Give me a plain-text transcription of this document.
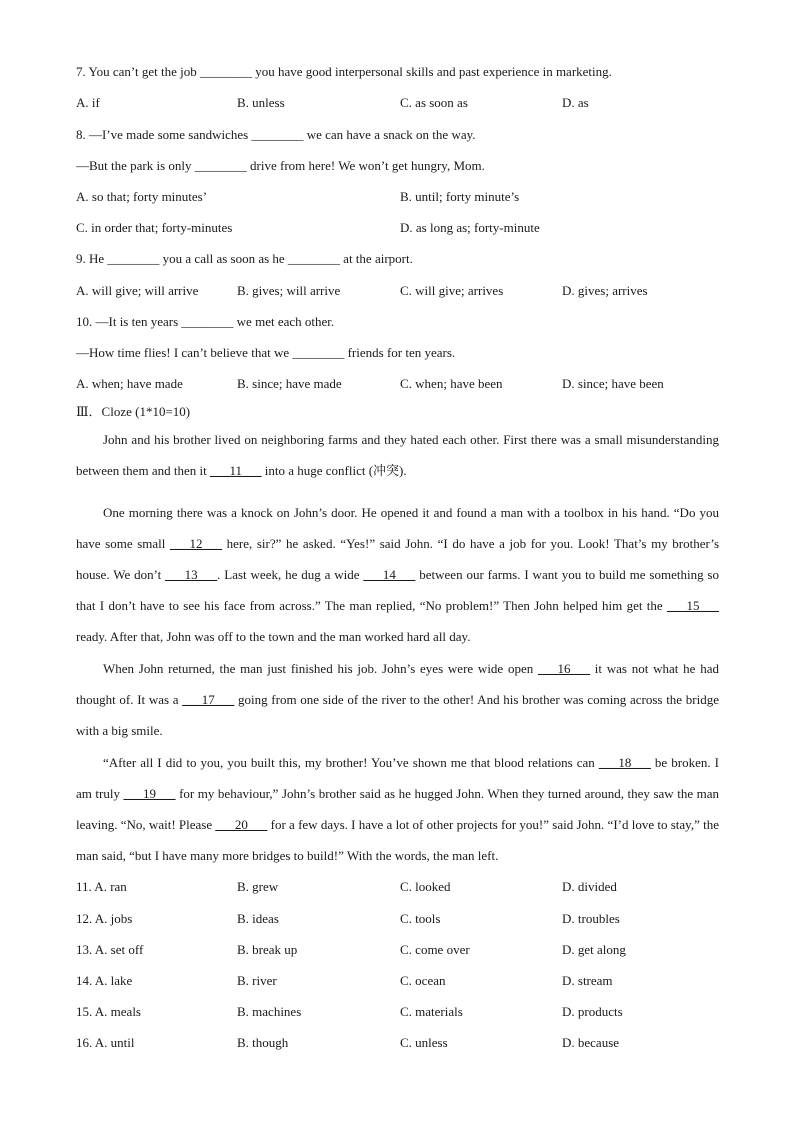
7. You can’t get the job ________ you have good interpersonal skills and past experience in marketing.
A. if	B. unless	C. as soon as	D. as
8. —I’ve made some sandwiches ________ we can have a snack on the way.
—But the park is only ________ drive from here! We won’t get hungry, Mom.
A. so that; forty minutes’	B. until; forty minute’s
C. in order that; forty-minutes	D. as long as; forty-minute
9. He ________ you a call as soon as he ________ at the airport.
A. will give; will arrive	B. gives; will arrive	C. will give; arrives	D. gives; arrives
10. —It is ten years ________ we met each other.
—How time flies! I can’t believe that we ________ friends for ten years.
A. when; have made	B. since; have made	C. when; have been	D. since; have been
Ⅲ．Cloze (1*10=10)
John and his brother lived on neighboring farms and they hated each other. First there was a small misunderstanding between them and then it ___11___ into a huge conflict (冲突).
One morning there was a knock on John’s door. He opened it and found a man with a toolbox in his hand. “Do you have some small ___12___ here, sir?” he asked. “Yes!” said John. “I do have a job for you. Look! That’s my brother’s house. We don’t ___13___. Last week, he dug a wide ___14___ between our farms. I want you to build me something so that I don’t have to see his face from across.” The man replied, “No problem!” Then John helped him get the ___15___ ready. After that, John was off to the town and the man worked hard all day.
When John returned, the man just finished his job. John’s eyes were wide open ___16___ it was not what he had thought of. It was a ___17___ going from one side of the river to the other! And his brother was coming across the bridge with a big smile.
“After all I did to you, you built this, my brother! You’ve shown me that blood relations can ___18___ be broken. I am truly ___19___ for my behaviour,” John’s brother said as he hugged John. When they turned around, they saw the man leaving. “No, wait! Please ___20___ for a few days. I have a lot of other projects for you!” said John. “I’d love to stay,” the man said, “but I have many more bridges to build!” With the words, the man left.
11. A. ran	B. grew	C. looked	D. divided
12. A. jobs	B. ideas	C. tools	D. troubles
13. A. set off	B. break up	C. come over	D. get along
14. A. lake	B. river	C. ocean	D. stream
15. A. meals	B. machines	C. materials	D. products
16. A. until	B. though	C. unless	D. because
